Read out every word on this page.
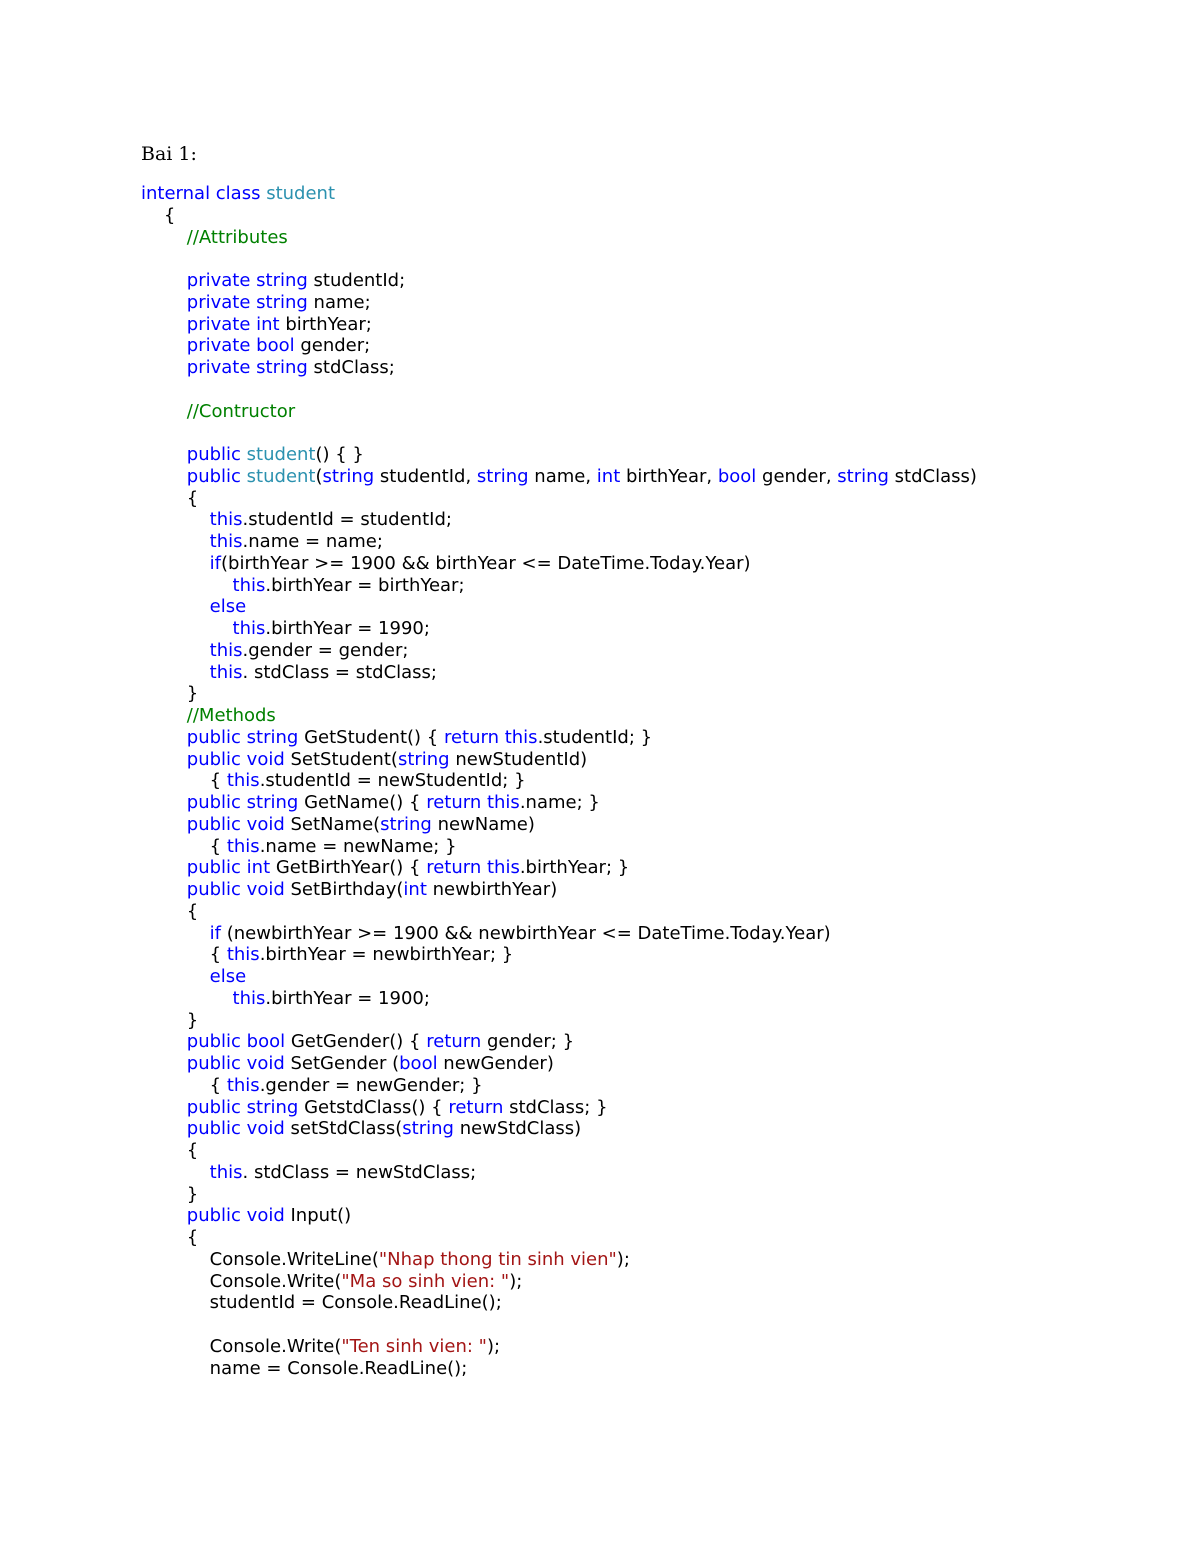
Bai 1:
internal class student
{
//Attributes
private string studentId;
private string name;
private int birthYear;
private bool gender;
private string stdClass;
//Contructor
public student() { }
public student(string studentId, string name, int birthYear, bool gender, string stdClass)
{
this.studentId = studentId;
this.name = name;
if(birthYear >= 1900 && birthYear <= DateTime.Today.Year)
this.birthYear = birthYear;
else
this.birthYear = 1990;
this.gender = gender;
this. stdClass = stdClass;
}
//Methods
public string GetStudent() { return this.studentId; }
public void SetStudent(string newStudentId)
{ this.studentId = newStudentId; }
public string GetName() { return this.name; }
public void SetName(string newName)
{ this.name = newName; }
public int GetBirthYear() { return this.birthYear; }
public void SetBirthday(int newbirthYear)
{
if (newbirthYear >= 1900 && newbirthYear <= DateTime.Today.Year)
{ this.birthYear = newbirthYear; }
else
this.birthYear = 1900;
}
public bool GetGender() { return gender; }
public void SetGender (bool newGender)
{ this.gender = newGender; }
public string GetstdClass() { return stdClass; }
public void setStdClass(string newStdClass)
{
this. stdClass = newStdClass;
}
public void Input()
{
Console.WriteLine("Nhap thong tin sinh vien");
Console.Write("Ma so sinh vien: ");
studentId = Console.ReadLine();
Console.Write("Ten sinh vien: ");
name = Console.ReadLine();
